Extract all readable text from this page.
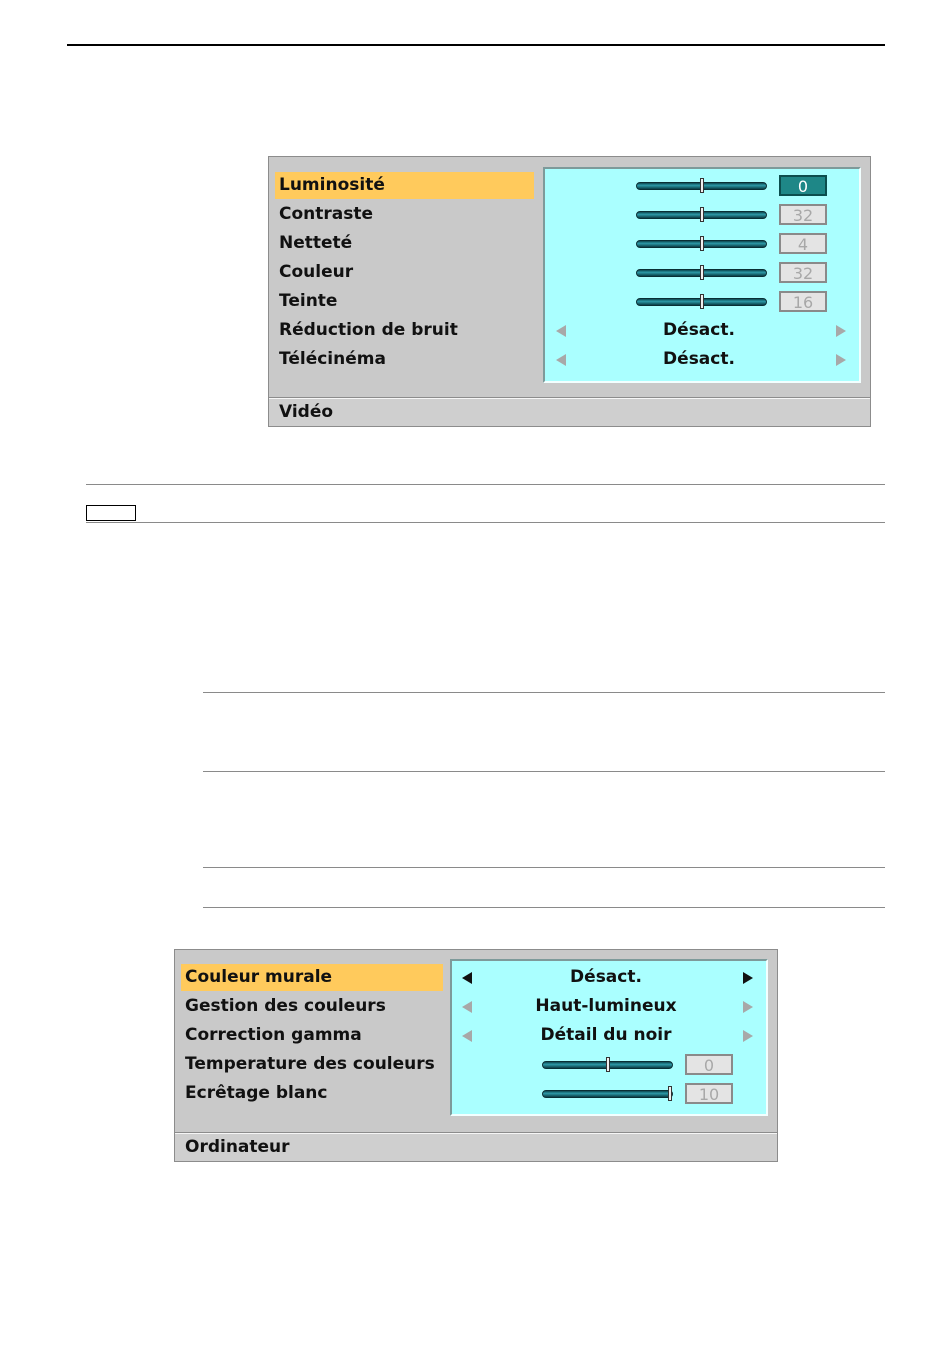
Luminosité
Contraste
Netteté
Couleur
Teinte
Réduction de bruit
Télécinéma
0
32
4
32
16
Désact.
Désact.
Vidéo
Couleur murale
Gestion des couleurs
Correction gamma
Temperature des couleurs
Ecrêtage blanc
Désact.
Haut-lumineux
Détail du noir
0
10
Ordinateur
